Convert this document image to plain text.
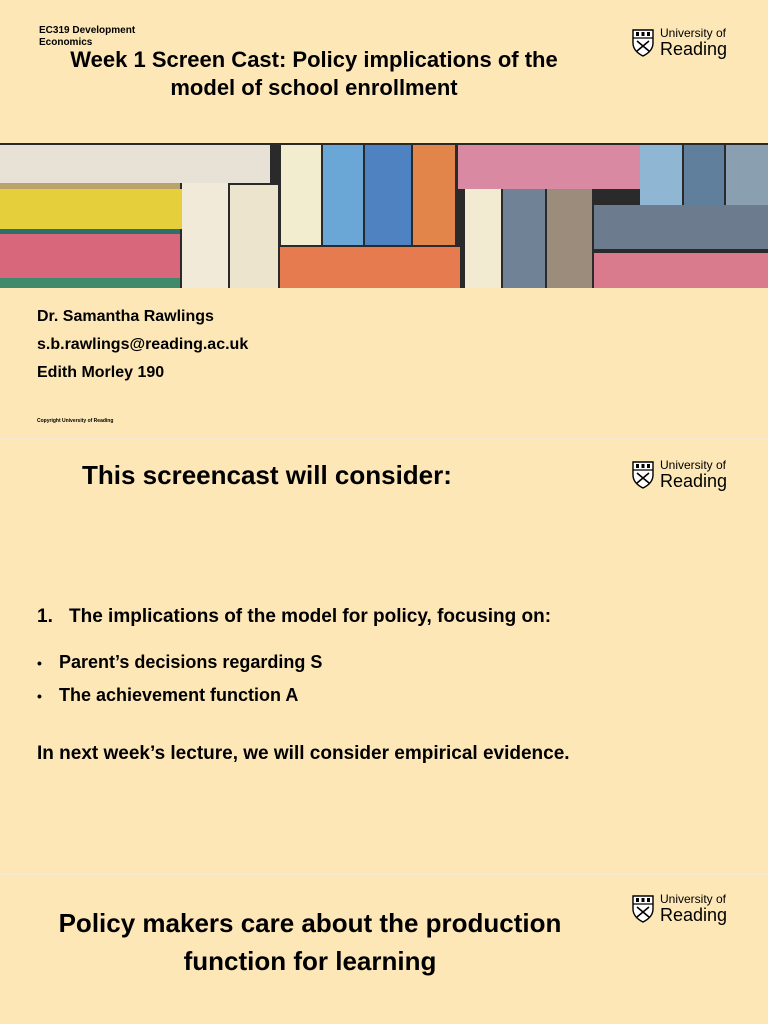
EC319 Development Economics
University of
Reading
Week 1 Screen Cast: Policy implications of the model of school enrollment
Dr. Samantha Rawlings
s.b.rawlings@reading.ac.uk
Edith Morley 190
Copyright University of Reading
University of
Reading
This screencast will consider:
1. The implications of the model for policy, focusing on:
• Parent’s decisions regarding S
• The achievement function A
In next week’s lecture, we will consider empirical evidence.
University of
Reading
Policy makers care about the production function for learning
